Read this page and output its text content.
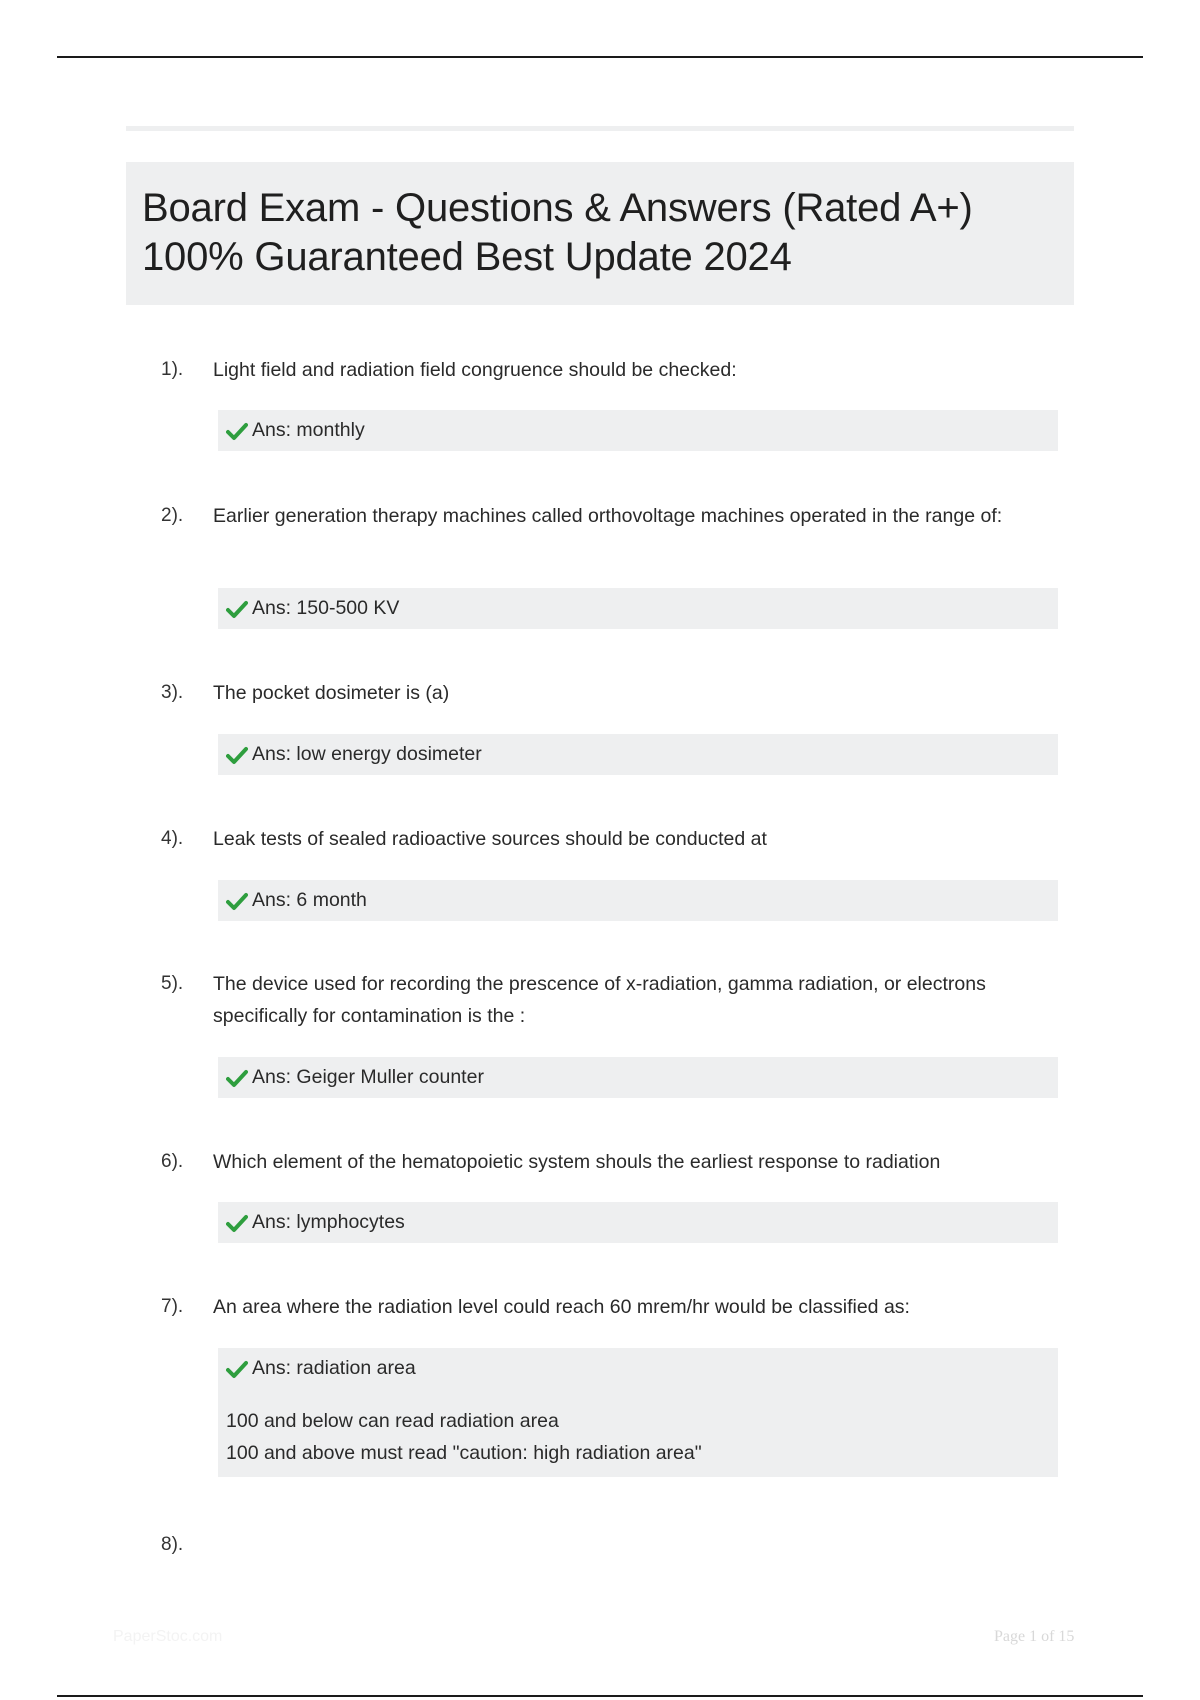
Board Exam - Questions & Answers (Rated A+)
100% Guaranteed Best Update 2024
1). Light field and radiation field congruence should be checked:
Ans: monthly
2). Earlier generation therapy machines called orthovoltage machines operated in the range of:
Ans: 150-500 KV
3). The pocket dosimeter is (a)
Ans: low energy dosimeter
4). Leak tests of sealed radioactive sources should be conducted at
Ans: 6 month
5). The device used for recording the prescence of x-radiation, gamma radiation, or electrons specifically for contamination is the :
Ans: Geiger Muller counter
6). Which element of the hematopoietic system shouls the earliest response to radiation
Ans: lymphocytes
7). An area where the radiation level could reach 60 mrem/hr would be classified as:
Ans: radiation area
100 and below can read radiation area
100 and above must read "caution: high radiation area"
8).
PaperStoc.com	Page 1 of 15
